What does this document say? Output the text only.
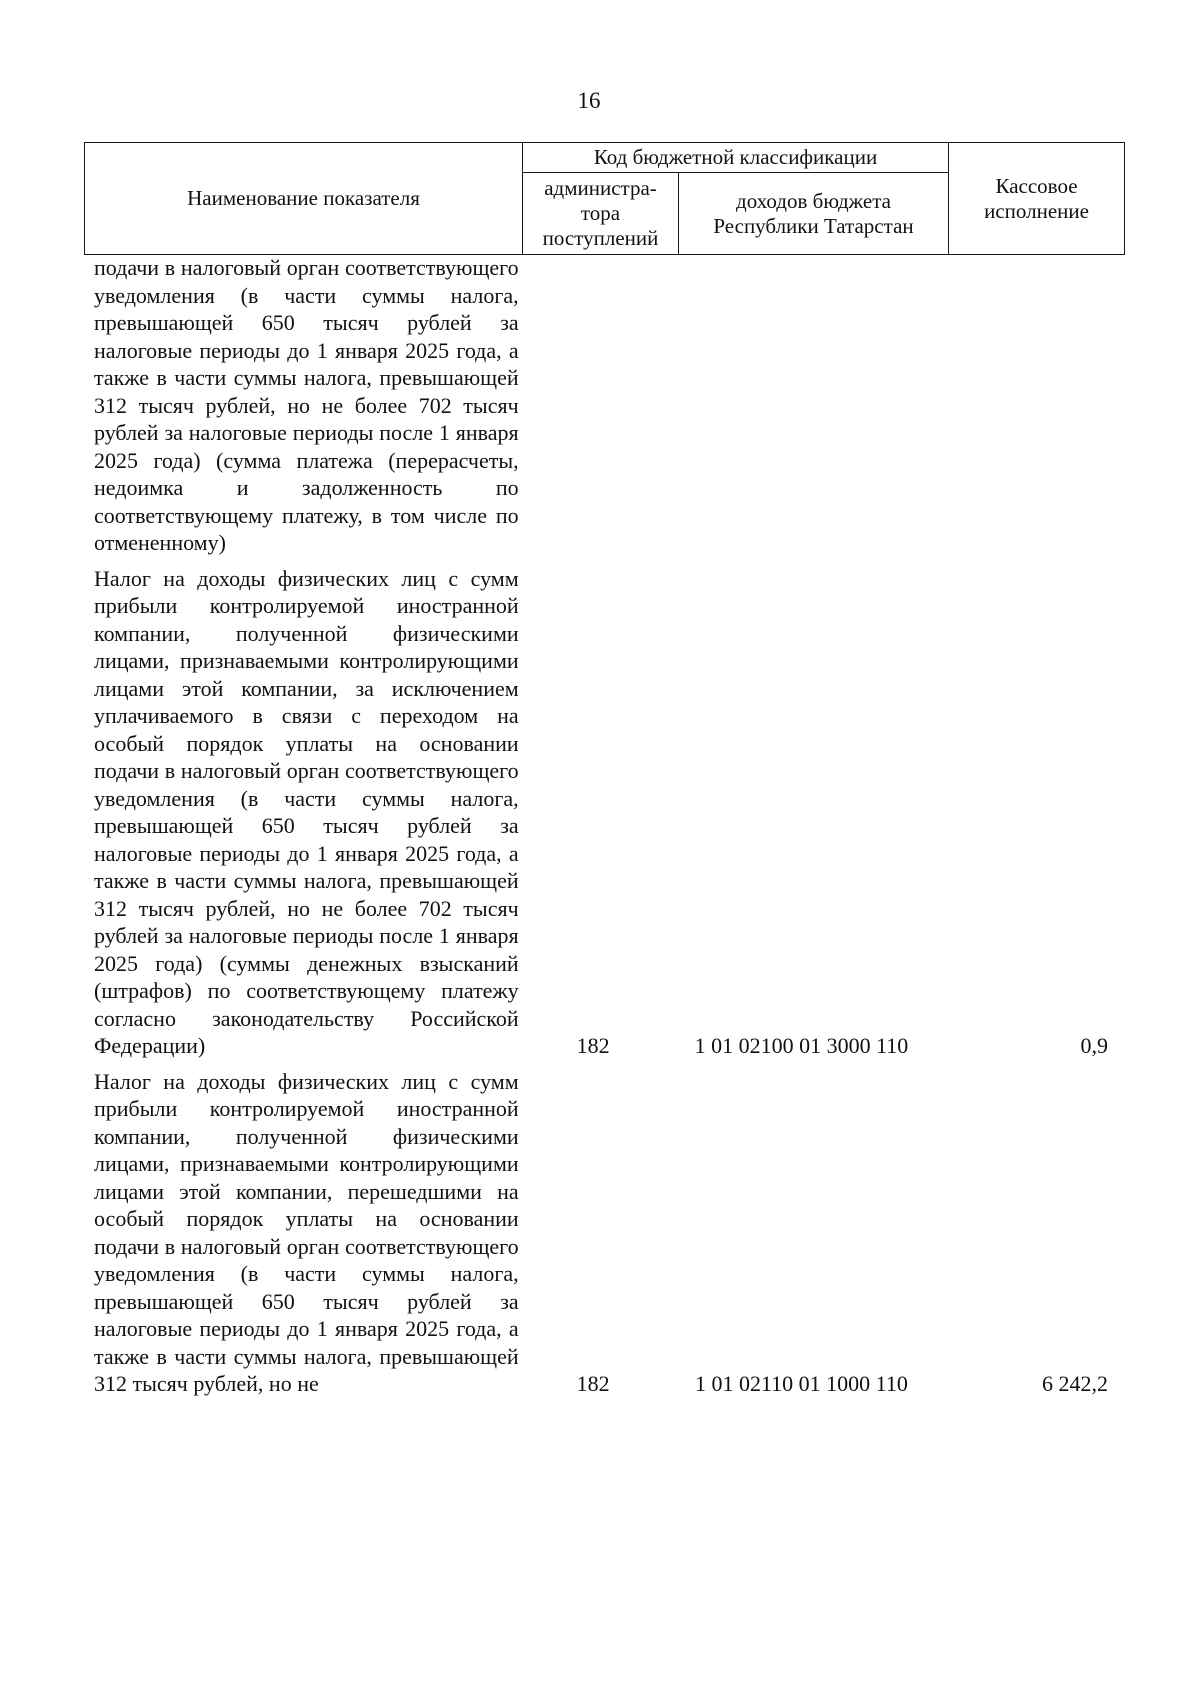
16
Наименование показателя	Код бюджетной классификации		Кассовое исполнение
	администра-тора поступлений	доходов бюджета Республики Татарстан	
подачи в налоговый орган соответствующего уведомления (в части суммы налога, превышающей 650 тысяч рублей за налоговые периоды до 1 января 2025 года, а также в части суммы налога, превышающей 312 тысяч рублей, но не более 702 тысяч рублей за налоговые периоды после 1 января 2025 года) (сумма платежа (перерасчеты, недоимка и задолженность по соответствующему платежу, в том числе по отмененному)
Налог на доходы физических лиц с сумм прибыли контролируемой иностранной компании, полученной физическими лицами, признаваемыми контролирующими лицами этой компании, за исключением уплачиваемого в связи с переходом на особый порядок уплаты на основании подачи в налоговый орган соответствующего уведомления (в части суммы налога, превышающей 650 тысяч рублей за налоговые периоды до 1 января 2025 года, а также в части суммы налога, превышающей 312 тысяч рублей, но не более 702 тысяч рублей за налоговые периоды после 1 января 2025 года) (суммы денежных взысканий (штрафов) по соответствующему платежу согласно законодательству Российской Федерации)	182	1 01 02100 01 3000 110	0,9
Налог на доходы физических лиц с сумм прибыли контролируемой иностранной компании, полученной физическими лицами, признаваемыми контролирующими лицами этой компании, перешедшими на особый порядок уплаты на основании подачи в налоговый орган соответствующего уведомления (в части суммы налога, превышающей 650 тысяч рублей за налоговые периоды до 1 января 2025 года, а также в части суммы налога, превышающей 312 тысяч рублей, но не	182	1 01 02110 01 1000 110	6 242,2
